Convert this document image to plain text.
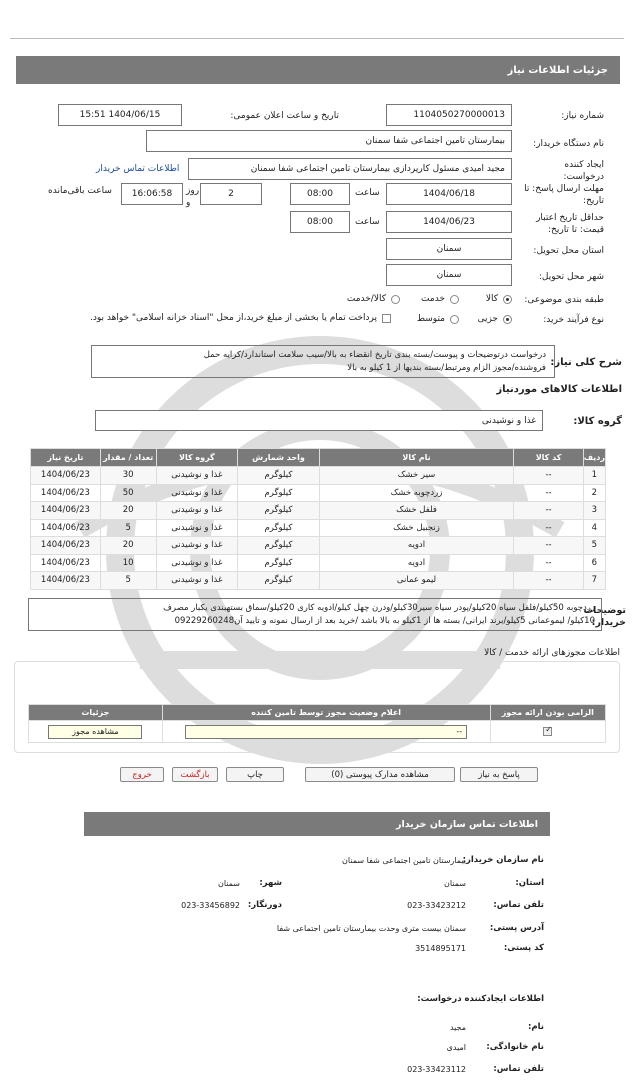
جزئیات اطلاعات نیاز
شماره نیاز:
1104050270000013
تاریخ و ساعت اعلان عمومی:
1404/06/15 15:51
نام دستگاه خریدار:
بیمارستان تامین اجتماعی شفا سمنان
ایجاد کننده درخواست:
مجید امیدی مسئول کارپردازی بیمارستان تامین اجتماعی شفا سمنان
اطلاعات تماس خریدار
مهلت ارسال پاسخ: تا تاریخ:
1404/06/18
ساعت
08:00
2
روز
و
16:06:58
ساعت باقی‌مانده
حداقل تاریخ اعتبار قیمت: تا تاریخ:
1404/06/23
ساعت
08:00
استان محل تحویل:
سمنان
شهر محل تحویل:
سمنان
طبقه بندی موضوعی:
کالا
خدمت
کالا/خدمت
نوع فرآیند خرید:
جزیی
متوسط
پرداخت تمام یا بخشی از مبلغ خرید،از محل "اسناد خزانه اسلامی" خواهد بود.
شرح کلی نیاز:
درخواست درتوضیحات و پیوست/بسته بندی تاریخ انقضاء به بالا/سیب سلامت استاندارد/کرایه حمل
فروشنده/مجوز الزام ومرتبط/بسته بندیها از 1 کیلو به بالا
اطلاعات کالاهای موردنیاز
گروه کالا:
غذا و نوشیدنی
ردیف	کد کالا	نام کالا	واحد شمارش	گروه کالا	تعداد / مقدار	تاریخ نیاز
1	--	سیر خشک	کیلوگرم	غذا و نوشیدنی	30	1404/06/23
2	--	زردچوبه خشک	کیلوگرم	غذا و نوشیدنی	50	1404/06/23
3	--	فلفل خشک	کیلوگرم	غذا و نوشیدنی	20	1404/06/23
4	--	زنجبیل خشک	کیلوگرم	غذا و نوشیدنی	5	1404/06/23
5	--	ادویه	کیلوگرم	غذا و نوشیدنی	20	1404/06/23
6	--	ادویه	کیلوگرم	غذا و نوشیدنی	10	1404/06/23
7	--	لیمو عمانی	کیلوگرم	غذا و نوشیدنی	5	1404/06/23
توضیحات خریدار:
زردچوبه 50کیلو/فلفل سیاه 20کیلو/پودر سیاه سیر30کیلو/ودرن چهل کیلو/ادویه کاری 20کیلو/سماق بستهبندی یکبار مصرف
10کیلو/ لیموعمانی 5کیلو/برند ایرانی/ بسته ها از 1کیلو به بالا باشد /خرید بعد از ارسال نمونه و تایید آن09229260248
اطلاعات مجوزهای ارائه خدمت / کالا
الزامی بودن ارائه مجوز	اعلام وضعیت مجوز توسط تامین کننده	جزئیات

✓	--	مشاهده مجوز
پاسخ به نیاز
مشاهده مدارک پیوستی (0)
چاپ
بازگشت
خروج
اطلاعات تماس سازمان خریدار
نام سازمان خریدار:
بیمارستان تامین اجتماعی شفا سمنان
استان:
سمنان
شهر:
سمنان
تلفن تماس:
023-33423212
دورنگار:
023-33456892
آدرس پستی:
سمنان بیست متری وحدت بیمارستان تامین اجتماعی شفا
کد پستی:
3514895171
اطلاعات ایجادکننده درخواست:
نام:
مجید
نام خانوادگی:
امیدی
تلفن تماس:
023-33423112
